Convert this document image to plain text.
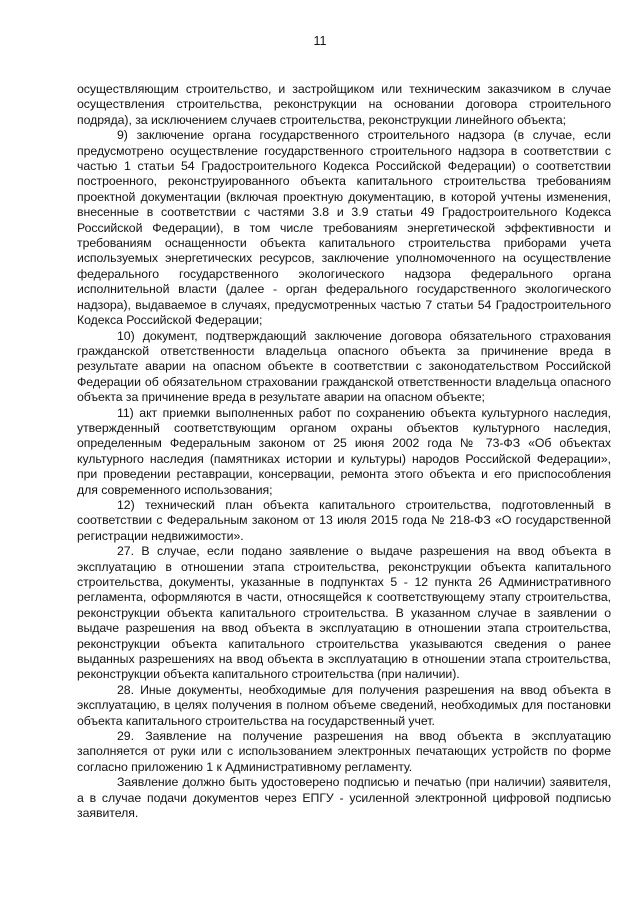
11

осуществляющим строительство, и застройщиком или техническим заказчиком в случае осуществления строительства, реконструкции на основании договора строительного подряда), за исключением случаев строительства, реконструкции линейного объекта;

9) заключение органа государственного строительного надзора (в случае, если предусмотрено осуществление государственного строительного надзора в соответствии с частью 1 статьи 54 Градостроительного Кодекса Российской Федерации) о соответствии построенного, реконструированного объекта капитального строительства требованиям проектной документации (включая проектную документацию, в которой учтены изменения, внесенные в соответствии с частями 3.8 и 3.9 статьи 49 Градостроительного Кодекса Российской Федерации), в том числе требованиям энергетической эффективности и требованиям оснащенности объекта капитального строительства приборами учета используемых энергетических ресурсов, заключение уполномоченного на осуществление федерального государственного экологического надзора федерального органа исполнительной власти (далее - орган федерального государственного экологического надзора), выдаваемое в случаях, предусмотренных частью 7 статьи 54 Градостроительного Кодекса Российской Федерации;

10) документ, подтверждающий заключение договора обязательного страхования гражданской ответственности владельца опасного объекта за причинение вреда в результате аварии на опасном объекте в соответствии с законодательством Российской Федерации об обязательном страховании гражданской ответственности владельца опасного объекта за причинение вреда в результате аварии на опасном объекте;

11) акт приемки выполненных работ по сохранению объекта культурного наследия, утвержденный соответствующим органом охраны объектов культурного наследия, определенным Федеральным законом от 25 июня 2002 года № 73-ФЗ «Об объектах культурного наследия (памятниках истории и культуры) народов Российской Федерации», при проведении реставрации, консервации, ремонта этого объекта и его приспособления для современного использования;

12) технический план объекта капитального строительства, подготовленный в соответствии с Федеральным законом от 13 июля 2015 года № 218-ФЗ «О государственной регистрации недвижимости».

27. В случае, если подано заявление о выдаче разрешения на ввод объекта в эксплуатацию в отношении этапа строительства, реконструкции объекта капитального строительства, документы, указанные в подпунктах 5 - 12 пункта 26 Административного регламента, оформляются в части, относящейся к соответствующему этапу строительства, реконструкции объекта капитального строительства. В указанном случае в заявлении о выдаче разрешения на ввод объекта в эксплуатацию в отношении этапа строительства, реконструкции объекта капитального строительства указываются сведения о ранее выданных разрешениях на ввод объекта в эксплуатацию в отношении этапа строительства, реконструкции объекта капитального строительства (при наличии).

28. Иные документы, необходимые для получения разрешения на ввод объекта в эксплуатацию, в целях получения в полном объеме сведений, необходимых для постановки объекта капитального строительства на государственный учет.

29. Заявление на получение разрешения на ввод объекта в эксплуатацию заполняется от руки или с использованием электронных печатающих устройств по форме согласно приложению 1 к Административному регламенту.

Заявление должно быть удостоверено подписью и печатью (при наличии) заявителя, а в случае подачи документов через ЕПГУ - усиленной электронной цифровой подписью заявителя.
